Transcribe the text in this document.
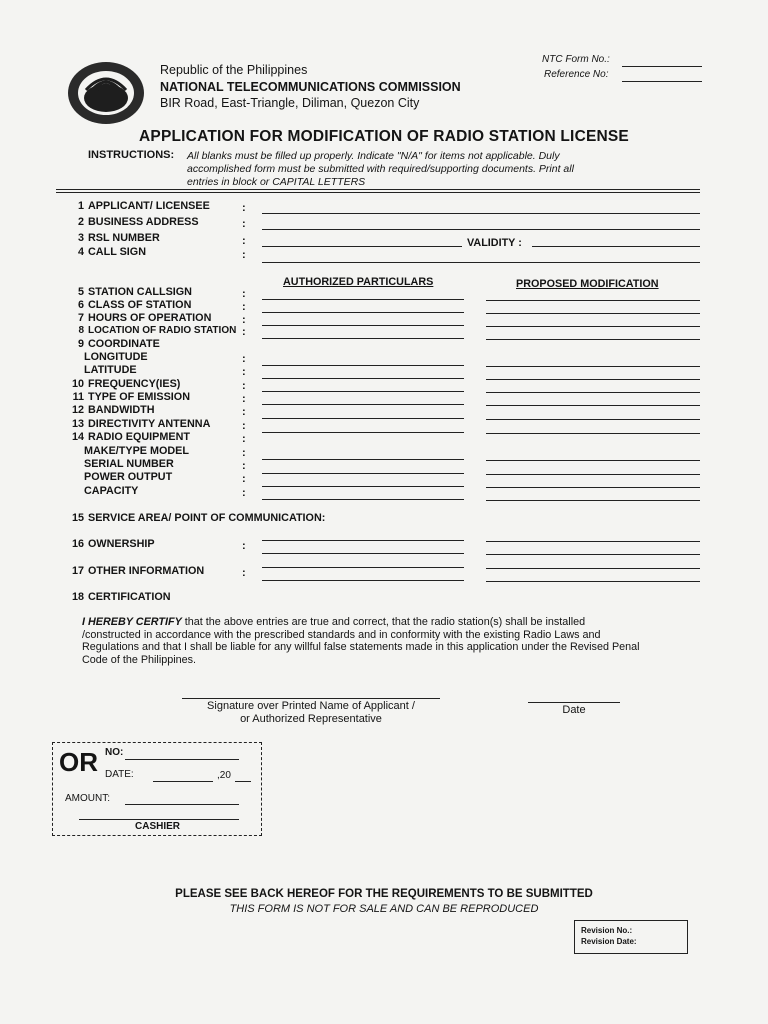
Republic of the Philippines
NATIONAL TELECOMMUNICATIONS COMMISSION
BIR Road, East-Triangle, Diliman, Quezon City
NTC Form No.:
Reference No:
APPLICATION FOR MODIFICATION OF RADIO STATION LICENSE
INSTRUCTIONS: All blanks must be filled up properly. Indicate "N/A" for items not applicable. Duly
accomplished form must be submitted with required/supporting documents. Print all
entries in block or CAPITAL LETTERS
1 APPLICANT/ LICENSEE	:
2 BUSINESS ADDRESS	:
3 RSL NUMBER	:	VALIDITY :
4 CALL SIGN	:
AUTHORIZED PARTICULARS	PROPOSED MODIFICATION
5 STATION CALLSIGN	:
6 CLASS OF STATION	:
7 HOURS OF OPERATION	:
8 LOCATION OF RADIO STATION :
9 COORDINATE
LONGITUDE	:
LATITUDE	:
10 FREQUENCY(IES)	:
11 TYPE OF EMISSION	:
12 BANDWIDTH	:
13 DIRECTIVITY ANTENNA	:
14 RADIO EQUIPMENT	:
MAKE/TYPE MODEL	:
SERIAL NUMBER	:
POWER OUTPUT	:
CAPACITY	:
15 SERVICE AREA/ POINT OF COMMUNICATION:
16 OWNERSHIP	:
17 OTHER INFORMATION	:
18 CERTIFICATION
I HEREBY CERTIFY that the above entries are true and correct, that the radio station(s) shall be installed
/constructed in accordance with the prescribed standards and in conformity with the existing Radio Laws and
Regulations and that I shall be liable for any willful false statements made in this application under the Revised Penal
Code of the Philippines.
Signature over Printed Name of Applicant /
or Authorized Representative
Date
OR NO:
DATE:	,20
AMOUNT:
CASHIER
PLEASE SEE BACK HEREOF FOR THE REQUIREMENTS TO BE SUBMITTED
THIS FORM IS NOT FOR SALE AND CAN BE REPRODUCED
Revision No.:
Revision Date:
